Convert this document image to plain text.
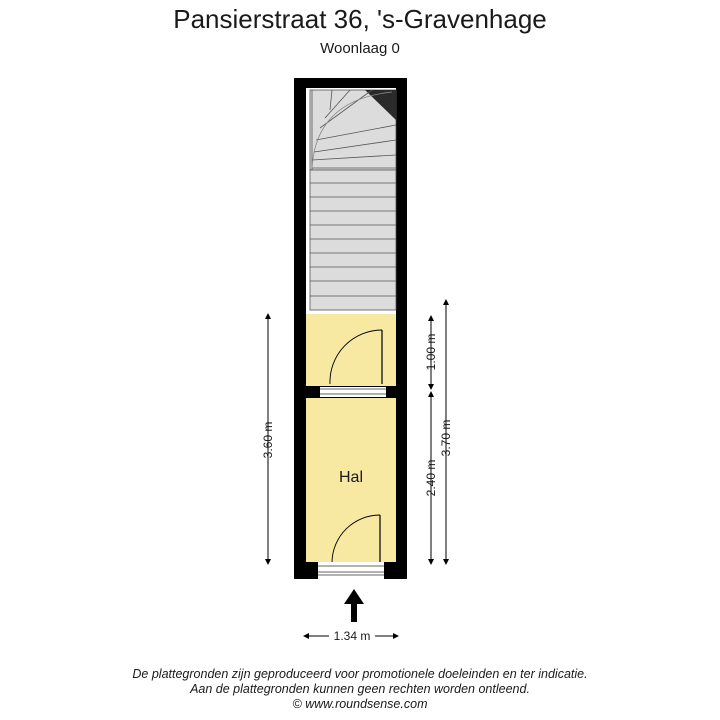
Pansierstraat 36, 's-Gravenhage
Woonlaag 0
Hal
3.60 m
1.00 m
2.40 m
3.70 m
1.34 m
De plattegronden zijn geproduceerd voor promotionele doeleinden en ter indicatie.
Aan de plattegronden kunnen geen rechten worden ontleend.
© www.roundsense.com
